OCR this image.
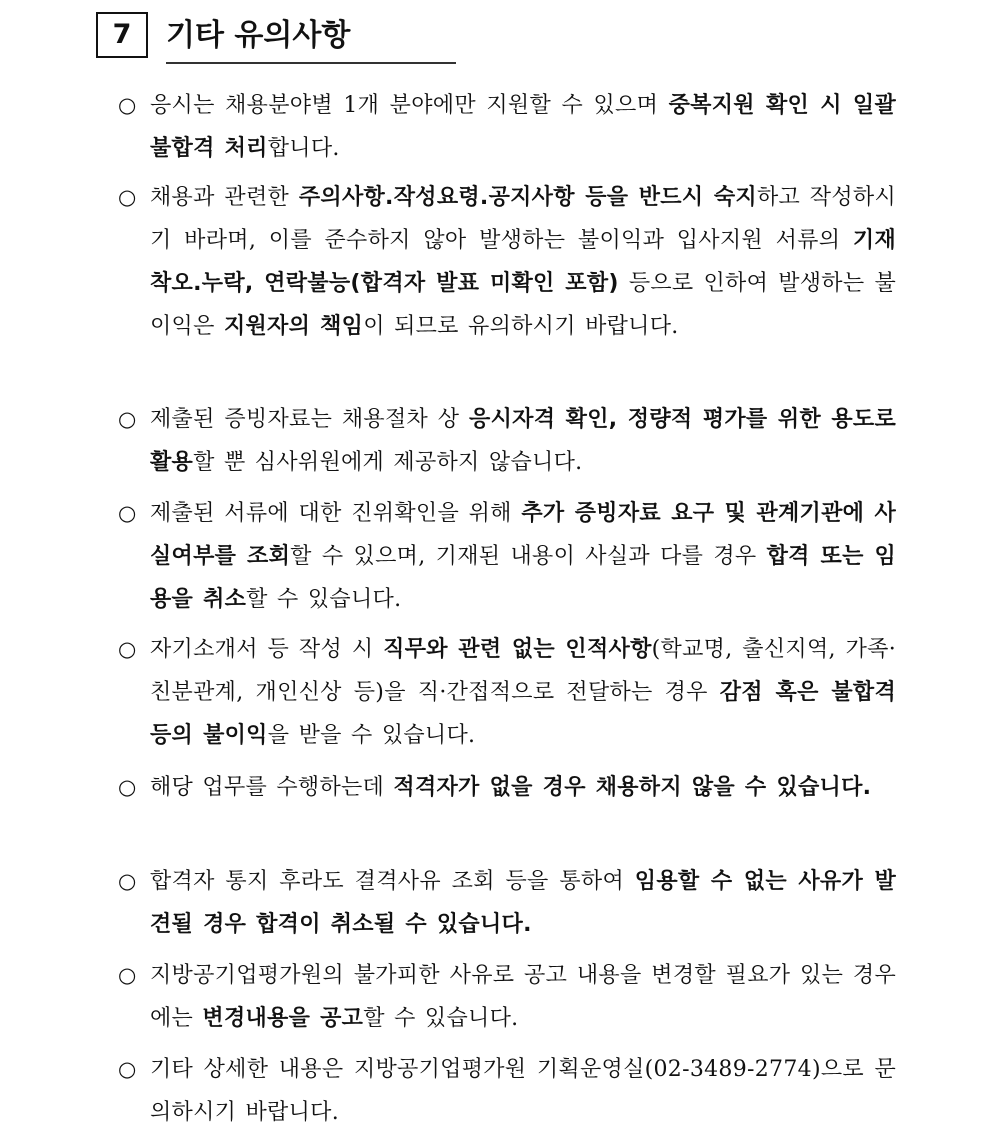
7	기타 유의사항
○ 응시는 채용분야별 1개 분야에만 지원할 수 있으며 중복지원 확인 시 일괄 불합격 처리합니다.
○ 채용과 관련한 주의사항.작성요령.공지사항 등을 반드시 숙지하고 작성하시기 바라며, 이를 준수하지 않아 발생하는 불이익과 입사지원 서류의 기재 착오.누락, 연락불능(합격자 발표 미확인 포함) 등으로 인하여 발생하는 불이익은 지원자의 책임이 되므로 유의하시기 바랍니다.
○ 제출된 증빙자료는 채용절차 상 응시자격 확인, 정량적 평가를 위한 용도로 활용할 뿐 심사위원에게 제공하지 않습니다.
○ 제출된 서류에 대한 진위확인을 위해 추가 증빙자료 요구 및 관계기관에 사실여부를 조회할 수 있으며, 기재된 내용이 사실과 다를 경우 합격 또는 임용을 취소할 수 있습니다.
○ 자기소개서 등 작성 시 직무와 관련 없는 인적사항(학교명, 출신지역, 가족·친분관계, 개인신상 등)을 직·간접적으로 전달하는 경우 감점 혹은 불합격 등의 불이익을 받을 수 있습니다.
○ 해당 업무를 수행하는데 적격자가 없을 경우 채용하지 않을 수 있습니다.
○ 합격자 통지 후라도 결격사유 조회 등을 통하여 임용할 수 없는 사유가 발견될 경우 합격이 취소될 수 있습니다.
○ 지방공기업평가원의 불가피한 사유로 공고 내용을 변경할 필요가 있는 경우에는 변경내용을 공고할 수 있습니다.
○ 기타 상세한 내용은 지방공기업평가원 기획운영실(02-3489-2774)으로 문의하시기 바랍니다.
